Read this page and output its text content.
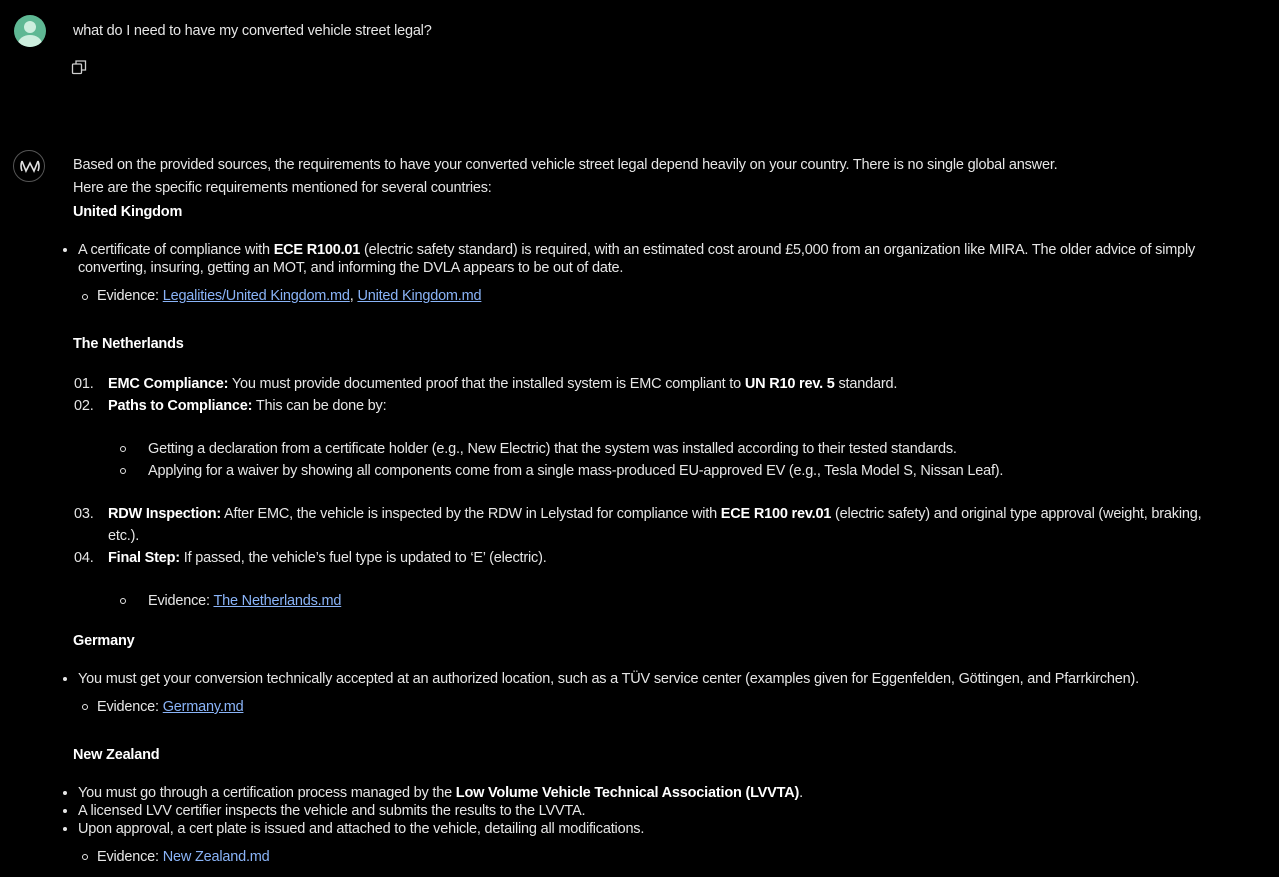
what do I need to have my converted vehicle street legal?
Based on the provided sources, the requirements to have your converted vehicle street legal depend heavily on your country. There is no single global answer.
Here are the specific requirements mentioned for several countries:
United Kingdom
A certificate of compliance with ECE R100.01 (electric safety standard) is required, with an estimated cost around £5,000 from an organization like MIRA. The older advice of simply
converting, insuring, getting an MOT, and informing the DVLA appears to be out of date.
Evidence: Legalities/United Kingdom.md, United Kingdom.md
The Netherlands
01. EMC Compliance: You must provide documented proof that the installed system is EMC compliant to UN R10 rev. 5 standard.
02. Paths to Compliance: This can be done by:
Getting a declaration from a certificate holder (e.g., New Electric) that the system was installed according to their tested standards.
Applying for a waiver by showing all components come from a single mass-produced EU-approved EV (e.g., Tesla Model S, Nissan Leaf).
03. RDW Inspection: After EMC, the vehicle is inspected by the RDW in Lelystad for compliance with ECE R100 rev.01 (electric safety) and original type approval (weight, braking,
etc.).
04. Final Step: If passed, the vehicle’s fuel type is updated to ‘E’ (electric).
Evidence: The Netherlands.md
Germany
You must get your conversion technically accepted at an authorized location, such as a TÜV service center (examples given for Eggenfelden, Göttingen, and Pfarrkirchen).
Evidence: Germany.md
New Zealand
You must go through a certification process managed by the Low Volume Vehicle Technical Association (LVVTA).
A licensed LVV certifier inspects the vehicle and submits the results to the LVVTA.
Upon approval, a cert plate is issued and attached to the vehicle, detailing all modifications.
Evidence: New Zealand.md
